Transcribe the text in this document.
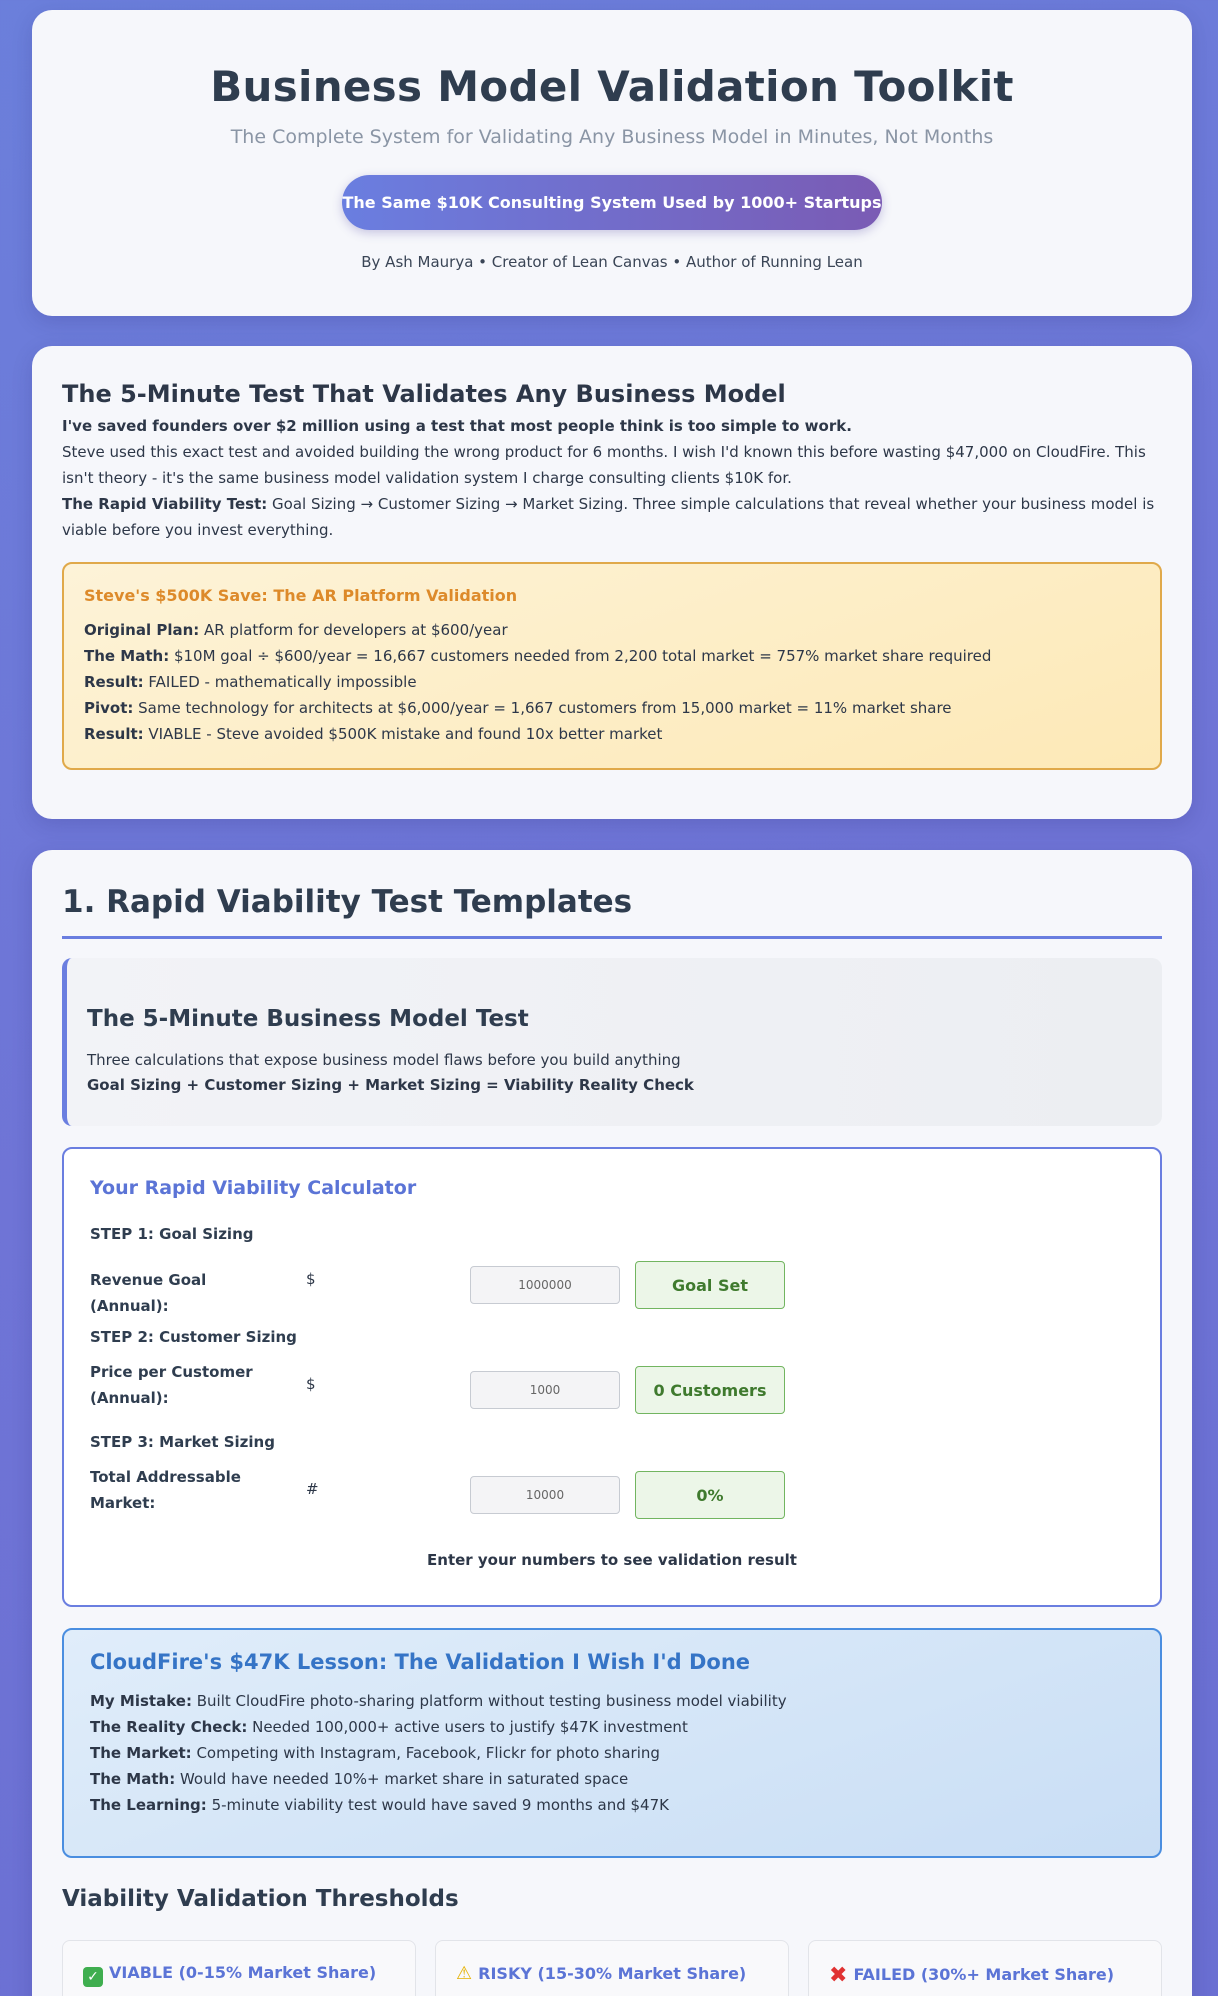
Business Model Validation Toolkit
The Complete System for Validating Any Business Model in Minutes, Not Months
The Same $10K Consulting System Used by 1000+ Startups
By Ash Maurya • Creator of Lean Canvas • Author of Running Lean
The 5-Minute Test That Validates Any Business Model

I've saved founders over $2 million using a test that most people think is too simple to work.

Steve used this exact test and avoided building the wrong product for 6 months. I wish I'd known this before wasting $47,000 on CloudFire. This isn't theory - it's the same business model validation system I charge consulting clients $10K for.

The Rapid Viability Test: Goal Sizing → Customer Sizing → Market Sizing. Three simple calculations that reveal whether your business model is viable before you invest everything.

Steve's $500K Save: The AR Platform Validation
Original Plan: AR platform for developers at $600/year
The Math: $10M goal ÷ $600/year = 16,667 customers needed from 2,200 total market = 757% market share required
Result: FAILED - mathematically impossible
Pivot: Same technology for architects at $6,000/year = 1,667 customers from 15,000 market = 11% market share
Result: VIABLE - Steve avoided $500K mistake and found 10x better market
1. Rapid Viability Test Templates
The 5-Minute Business Model Test
Three calculations that expose business model flaws before you build anything
Goal Sizing + Customer Sizing + Market Sizing = Viability Reality Check
Your Rapid Viability Calculator
STEP 1: Goal Sizing
Revenue Goal (Annual):
$
1000000	Goal Set
STEP 2: Customer Sizing
Price per Customer (Annual):
$
1000	0 Customers
STEP 3: Market Sizing
Total Addressable Market:
#
10000	0%
Enter your numbers to see validation result
CloudFire's $47K Lesson: The Validation I Wish I'd Done
My Mistake: Built CloudFire photo-sharing platform without testing business model viability
The Reality Check: Needed 100,000+ active users to justify $47K investment
The Market: Competing with Instagram, Facebook, Flickr for photo sharing
The Math: Would have needed 10%+ market share in saturated space
The Learning: 5-minute viability test would have saved 9 months and $47K
Viability Validation Thresholds
✓ VIABLE (0-15% Market Share)	⚠ RISKY (15-30% Market Share)	✖ FAILED (30%+ Market Share)
